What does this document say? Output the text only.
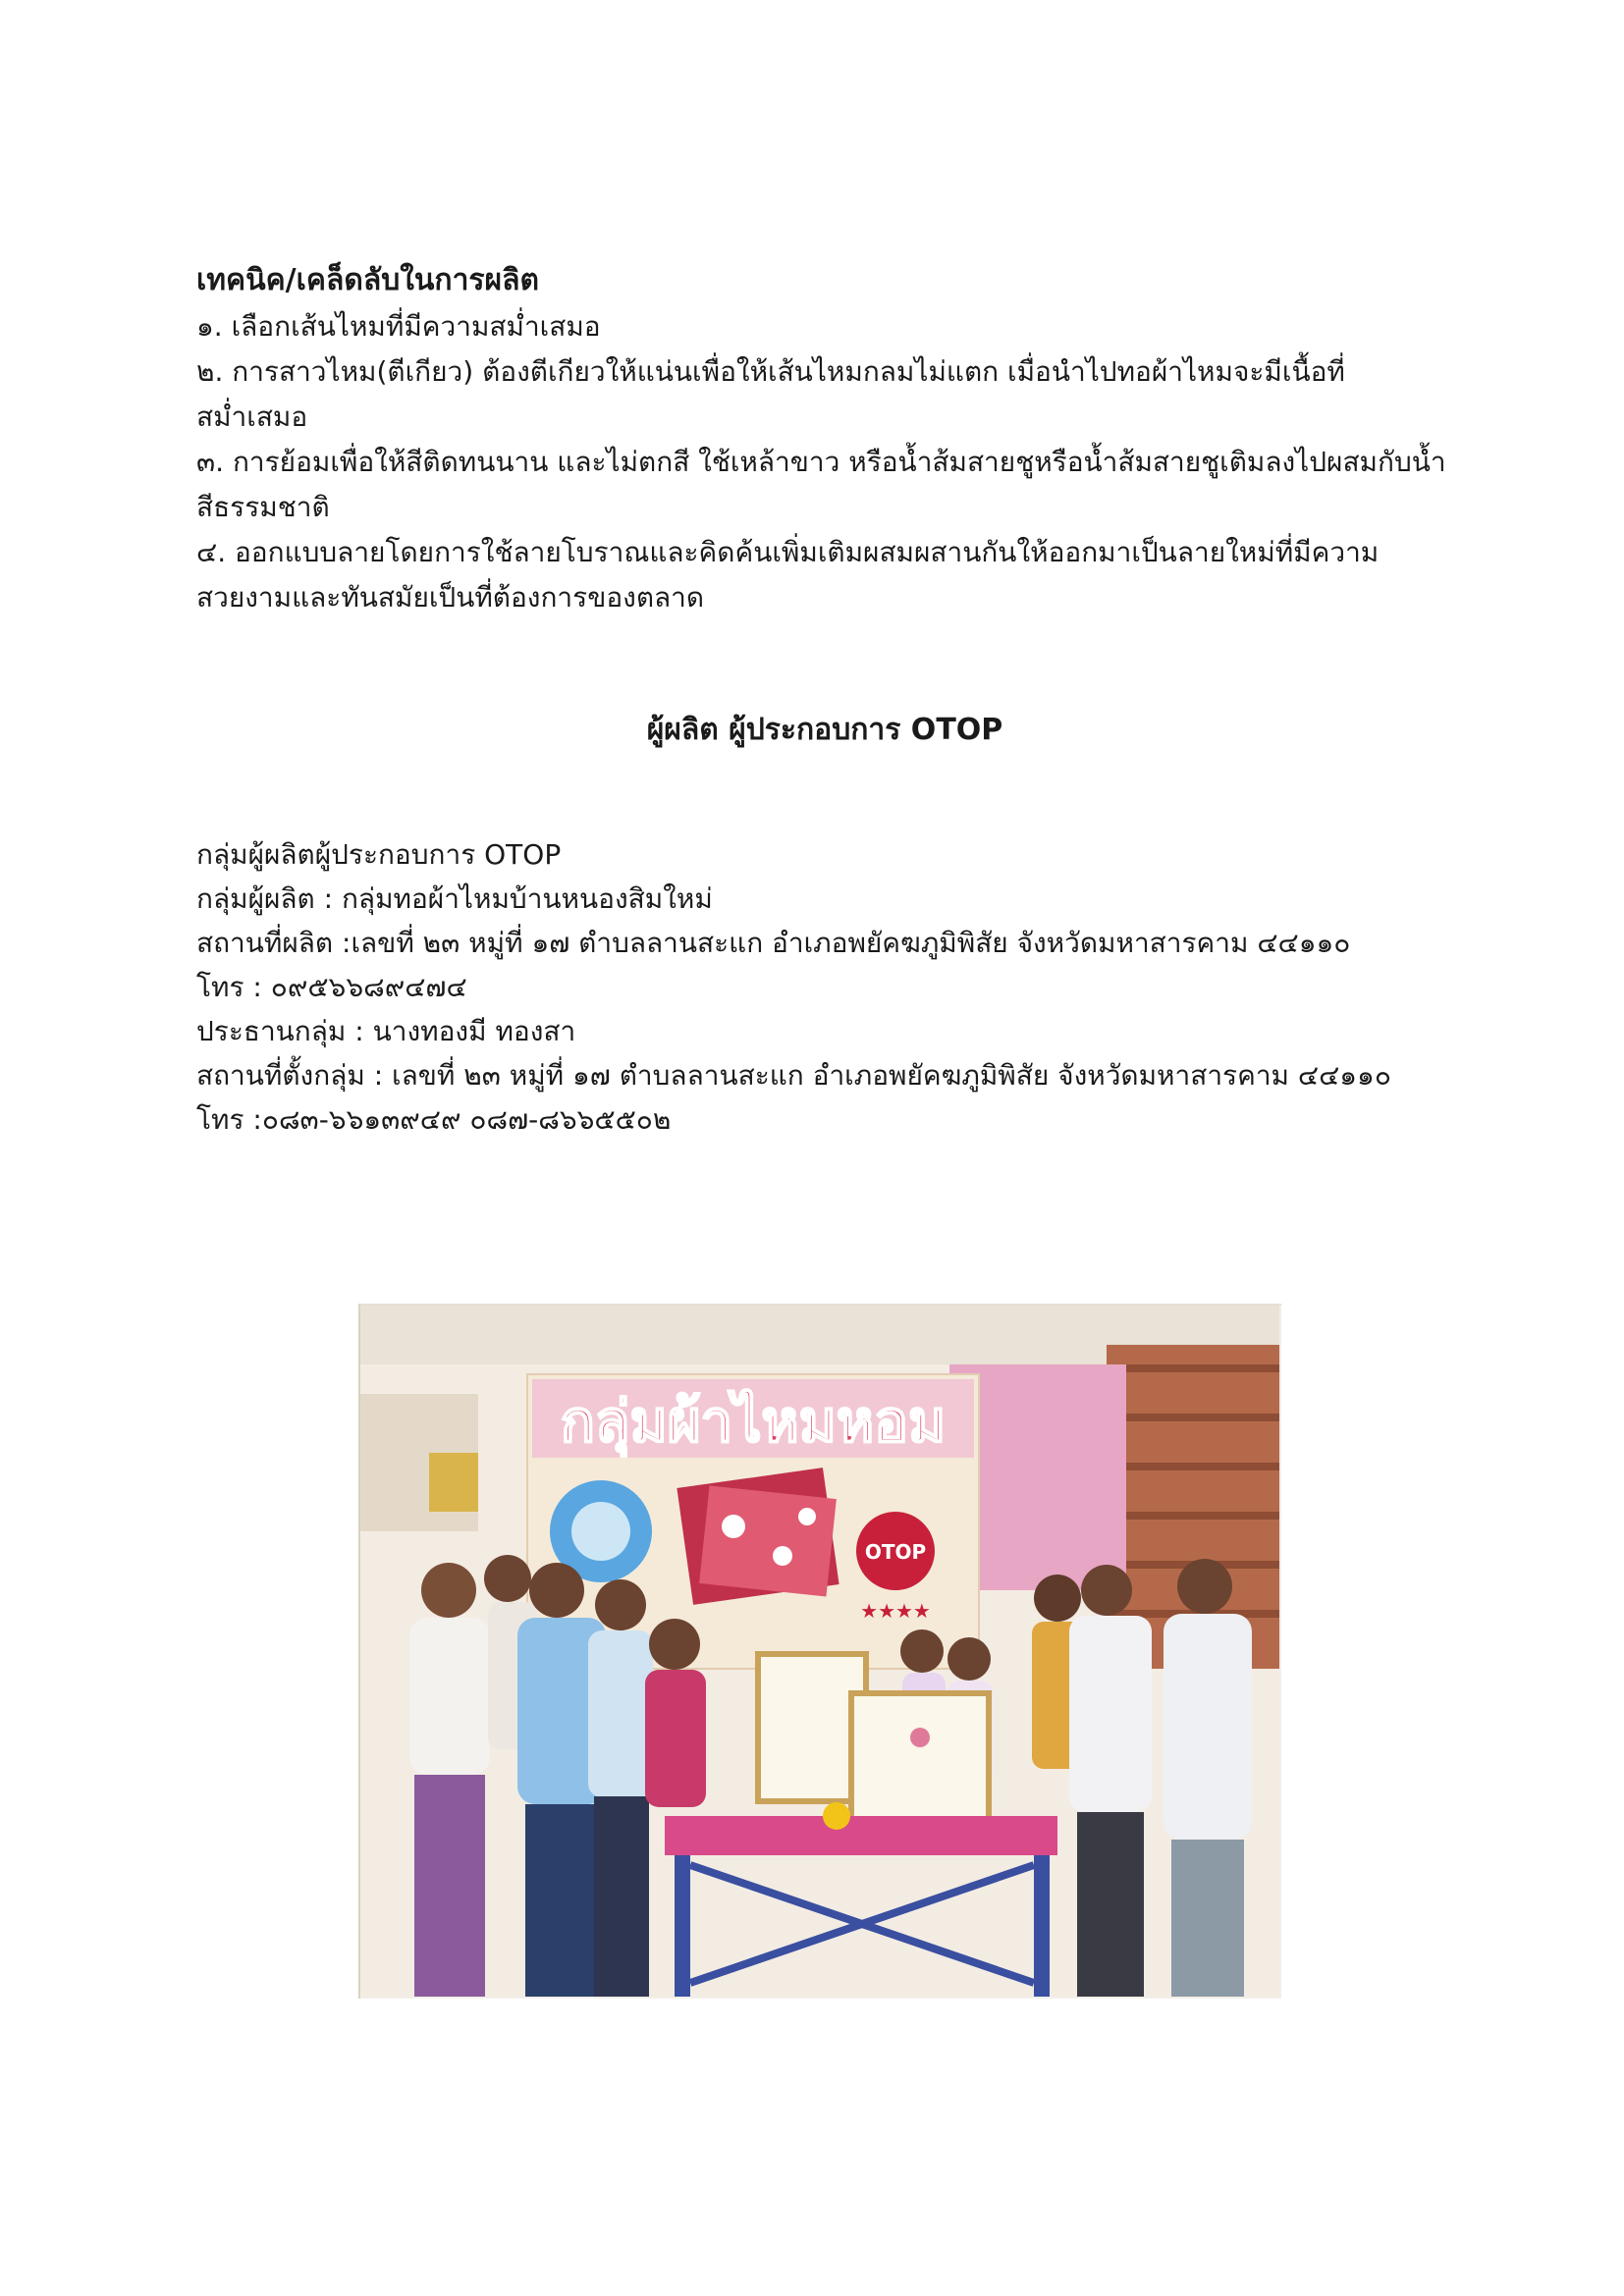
เทคนิค/เคล็ดลับในการผลิต

๑. เลือกเส้นไหมที่มีความสม่ำเสมอ

๒. การสาวไหม(ตีเกียว) ต้องตีเกียวให้แน่นเพื่อให้เส้นไหมกลมไม่แตก เมื่อนำไปทอผ้าไหมจะมีเนื้อที่สม่ำเสมอ

๓. การย้อมเพื่อให้สีติดทนนาน และไม่ตกสี ใช้เหล้าขาว หรือน้ำส้มสายชูหรือน้ำส้มสายชูเติมลงไปผสมกับน้ำสีธรรมชาติ

๔. ออกแบบลายโดยการใช้ลายโบราณและคิดค้นเพิ่มเติมผสมผสานกันให้ออกมาเป็นลายใหม่ที่มีความสวยงามและทันสมัยเป็นที่ต้องการของตลาด

ผู้ผลิต ผู้ประกอบการ OTOP

กลุ่มผู้ผลิตผู้ประกอบการ OTOP

กลุ่มผู้ผลิต : กลุ่มทอผ้าไหมบ้านหนองสิมใหม่

สถานที่ผลิต :เลขที่ ๒๓ หมู่ที่ ๑๗ ตำบลลานสะแก อำเภอพยัคฆภูมิพิสัย จังหวัดมหาสารคาม ๔๔๑๑๐

โทร : ๐๙๕๖๖๘๙๔๗๔

ประธานกลุ่ม : นางทองมี ทองสา

สถานที่ตั้งกลุ่ม : เลขที่ ๒๓ หมู่ที่ ๑๗ ตำบลลานสะแก อำเภอพยัคฆภูมิพิสัย จังหวัดมหาสารคาม ๔๔๑๑๐

โทร :๐๘๓-๖๖๑๓๙๔๙ ๐๘๗-๘๖๖๕๕๐๒

กลุ่มผ้าไหมหอม
OTOP
★★★★
